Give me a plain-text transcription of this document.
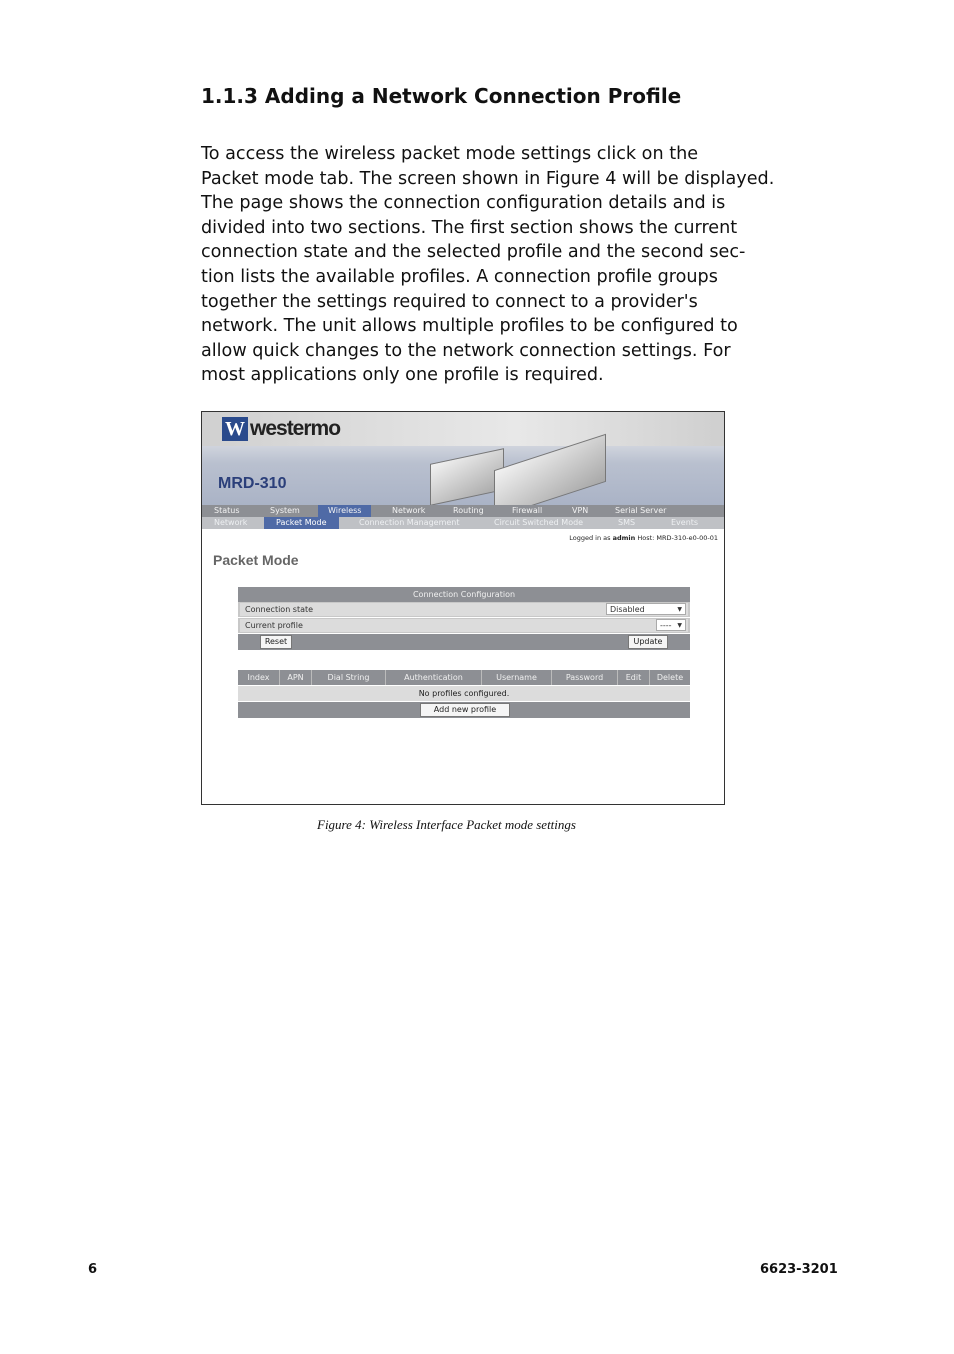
1.1.3 Adding a Network Connection Profile
To access the wireless packet mode settings click on the
Packet mode tab. The screen shown in Figure 4 will be displayed.
The page shows the connection configuration details and is
divided into two sections. The first section shows the current
connection state and the selected profile and the second sec-
tion lists the available profiles. A connection profile groups
together the settings required to connect to a provider's
network. The unit allows multiple profiles to be configured to
allow quick changes to the network connection settings. For
most applications only one profile is required.
W westermo
MRD-310
Status	System	Wireless	Network	Routing	Firewall	VPN	Serial Server
Network	Packet Mode	Connection Management	Circuit Switched Mode	SMS	Events
Logged in as admin Host: MRD-310-e0-00-01
Packet Mode
Connection Configuration
Connection state	Disabled	▼
Current profile	---- ▼
Reset	Update
Index	APN	Dial String	Authentication	Username	Password	Edit	Delete
No profiles configured.
Add new profile
Figure 4: Wireless Interface Packet mode settings
6	6623-3201
